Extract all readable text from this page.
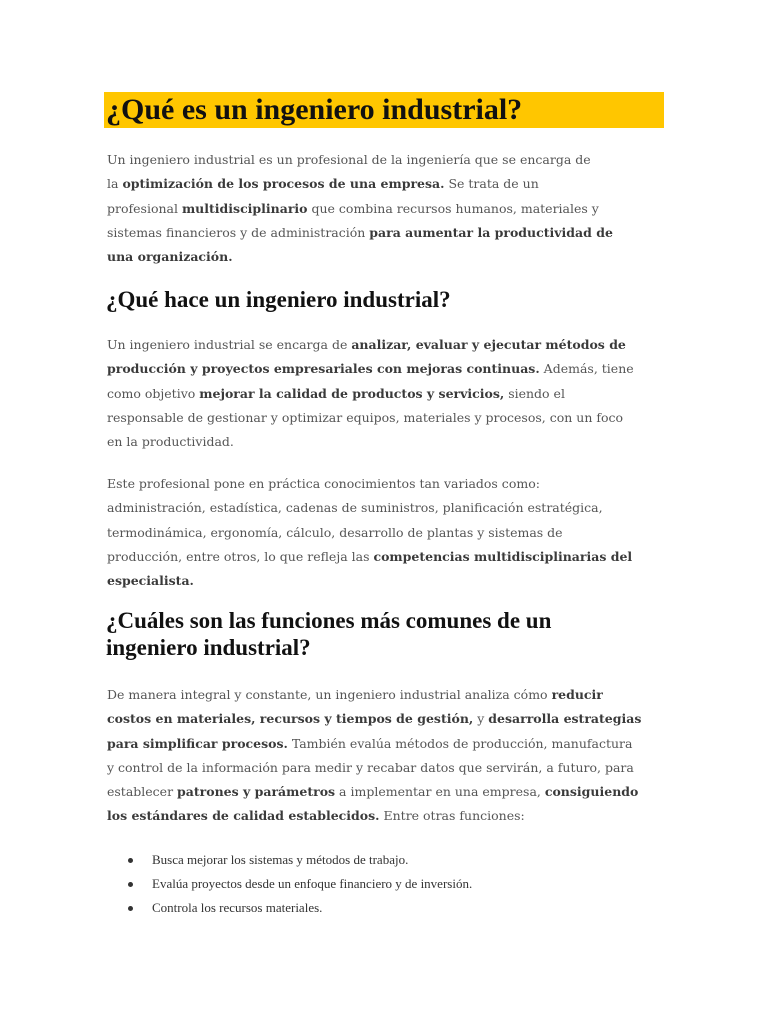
¿Qué es un ingeniero industrial?

Un ingeniero industrial es un profesional de la ingeniería que se encarga de
la optimización de los procesos de una empresa. Se trata de un
profesional multidisciplinario que combina recursos humanos, materiales y
sistemas financieros y de administración para aumentar la productividad de
una organización.

¿Qué hace un ingeniero industrial?

Un ingeniero industrial se encarga de analizar, evaluar y ejecutar métodos de
producción y proyectos empresariales con mejoras continuas. Además, tiene
como objetivo mejorar la calidad de productos y servicios, siendo el
responsable de gestionar y optimizar equipos, materiales y procesos, con un foco
en la productividad.

Este profesional pone en práctica conocimientos tan variados como:
administración, estadística, cadenas de suministros, planificación estratégica,
termodinámica, ergonomía, cálculo, desarrollo de plantas y sistemas de
producción, entre otros, lo que refleja las competencias multidisciplinarias del
especialista.

¿Cuáles son las funciones más comunes de un
ingeniero industrial?

De manera integral y constante, un ingeniero industrial analiza cómo reducir
costos en materiales, recursos y tiempos de gestión, y desarrolla estrategias
para simplificar procesos. También evalúa métodos de producción, manufactura
y control de la información para medir y recabar datos que servirán, a futuro, para
establecer patrones y parámetros a implementar en una empresa, consiguiendo
los estándares de calidad establecidos. Entre otras funciones:

Busca mejorar los sistemas y métodos de trabajo.
Evalúa proyectos desde un enfoque financiero y de inversión.
Controla los recursos materiales.
